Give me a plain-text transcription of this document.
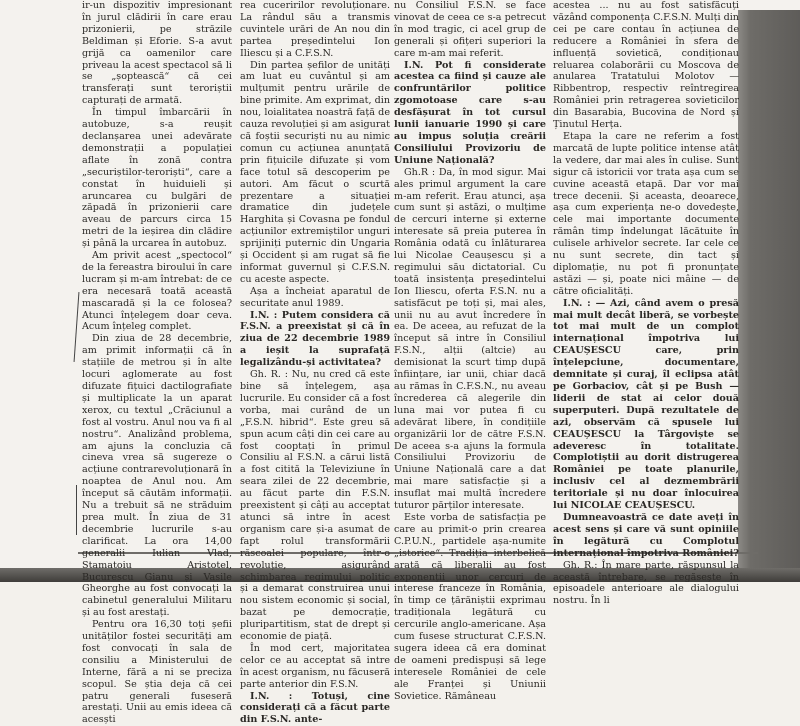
ir-un dispozitiv impresionant în jurul clădirii în care erau prizonierii, pe străzile Beldiman și Eforie. S-a avut grijă ca oamenilor care priveau la acest spectacol să li se „șoptească“ că cei transferați sunt teroriștii capturați de armată.

În timpul îmbarcării în autobuze, s-a reușit declanșarea unei adevărate demonstrații a populației aflate în zonă contra „securiștilor-teroriști“, care a constat în huiduieli și aruncarea cu bulgări de zăpadă în prizonierii care aveau de parcurs circa 15 metri de la ieșirea din clădire și până la urcarea în autobuz.

Am privit acest „spectocol“ de la fereastra biroului în care lucram și m-am întrebat: de ce era necesară toată această mascaradă și la ce folosea? Atunci înțelegem doar ceva. Acum înțeleg complet.

Din ziua de 28 decembrie, am primit informații că în stațiile de metrou și în alte locuri aglomerate au fost difuzate fițuici dactilografiate și multiplicate la un aparat xerox, cu textul „Crăciunul a fost al vostru. Anul nou va fi al nostru“. Analizând problema, am ajuns la concluzia că cineva vrea să sugereze o acțiune contrarevoluționară în noaptea de Anul nou. Am început să căutăm informații. Nu a trebuit să ne străduim prea mult. În ziua de 31 decembrie lucrurile s-au clarificat. La ora 14,00 generalii Iulian Vlad, Stamatoiu Aristotel, Bucurescu Gianu și Vasile Gheorghe au fost convocați la cabinetul generalului Militaru și au fost arestați.

Pentru ora 16,30 toți șefii unităților fostei securități am fost convocați în sala de consiliu a Ministerului de Interne, fără a ni se preciza scopul. Se știa deja că cei patru generali fuseseră arestați. Unii au emis ideea că acesști

rea cuceririlor revoluționare. La rândul său a transmis cuvintele urări de An nou din partea președintelui Ion Iliescu și a C.F.S.N.

Din partea șefilor de unități am luat eu cuvântul și am mulțumit pentru urările de bine primite. Am exprimat, din nou, loialitatea noastră față de cauza revoluției și am asigurat că foștii securiști nu au nimic comun cu acțiunea anunțată prin fițuicile difuzate și vom face totul să descoperim pe autori. Am făcut o scurtă prezentare a situației dramatice din județele Harghita și Covasna pe fondul acțiunilor extremiștilor unguri sprijiniți puternic din Ungaria și Occident și am rugat să fie informat guvernul și C.F.S.N. cu aceste aspecte.

Așa a încheiat aparatul de securitate anul 1989.

I.N. : Putem considera că F.S.N. a preexistat și că în ziua de 22 decembrie 1989 a ieșit la suprafață legalizându-și activitatea?

Gh. R. : Nu, nu cred că este bine să înțelegem, așa lucrurile. Eu consider că a fost vorba, mai curând de un „F.S.N. hibrid“. Este greu să spun acum câți din cei care au fost cooptați în primul Consiliu al F.S.N. a cărui listă a fost citită la Televiziune în seara zilei de 22 decembrie, au făcut parte din F.S.N. preexistent și câți au acceptat atunci să intre în acest organism care și-a asumat de fapt rolul transformării răscoalei populare, într-o revoluție, asigurând schimbarea regimului politic și a demarat construirea unui nou sistem economic și social, bazat pe democrație, pluripartitism, stat de drept și economie de piață.

În mod cert, majoritatea celor ce au acceptat să intre în acest organism, nu făcuseră parte anterior din F.S.N.

I.N. : Totuși, cine considerați că a făcut parte din F.S.N. ante-

nu Consiliul F.S.N. se face vinovat de ceea ce s-a petrecut în mod tragic, ci acel grup de generali și ofițeri superiori la care m-am mai referit.

I.N. Pot fi considerate acestea ca fiind și cauze ale confruntărilor politice zgomotoase care s-au desfășurat în tot cursul lunii ianuarie 1990 și care au impus soluția creării Consiliului Provizoriu de Uniune Națională?

Gh.R : Da, în mod sigur. Mai ales primul argument la care m-am referit. Erau atunci, așa cum sunt și astăzi, o mulțime de cercuri interne și externe interesate să preia puterea în România odată cu înlăturarea lui Nicolae Ceaușescu și a regimului său dictatorial. Cu toată insistența președintelui Ion Iliescu, oferta F.S.N. nu a satisfăcut pe toți și, mai ales, unii nu au avut încredere în ea. De aceea, au refuzat de la început să intre în Consiliul F.S.N., alții (altcie) au demisionat la scurt timp după înființare, iar unii, chiar dacă au rămas în C.F.S.N., nu aveau încrederea că alegerile din luna mai vor putea fi cu adevărat libere, în condițiile organizării lor de către F.S.N. De aceea s-a ajuns la formula Consiliului Provizoriu de Uniune Națională care a dat mai mare satisfacție și a insuflat mai multă încredere tuturor părților interesate.

Este vorba de satisfacția pe care au primit-o prin crearea C.P.U.N., partidele așa-numite „istorice“. Tradiția interbelică arată că liberalii au fost exponenții unor cercuri de interese franceze în România, în timp ce țărăniștii exprimau tradiționala legătură cu cercurile anglo-americane. Așa cum fusese structurat C.F.S.N. sugera ideea că era dominat de oameni predispuși să lege interesele României de cele ale Franței și Uniunii Sovietice. Rămâneau

acestea ... nu au fost satisfăcuți văzând componența C.F.S.N. Mulți din cei pe care contau în acțiunea de reducere a României în sfera de influență sovietică, condiționau reluarea colaborării cu Moscova de anularea Tratatului Molotov — Ribbentrop, respectiv reîntregirea României prin retragerea sovieticilor din Basarabia, Bucovina de Nord și Ținutul Herța.

Etapa la care ne referim a fost marcată de lupte politice intense atât la vedere, dar mai ales în culise. Sunt sigur că istoricii vor trata așa cum se cuvine această etapă. Dar vor mai trece decenii. Și aceasta, deoarece, așa cum experiența ne-o dovedește, cele mai importante documente rămân timp îndelungat lăcătuite în culisele arhivelor secrete. Iar cele ce nu sunt secrete, din tact și diplomație, nu pot fi pronunțate astăzi — și, poate nici mâine — de către oficialități.

I.N. : — Azi, când avem o presă mai mult decât liberă, se vorbește tot mai mult de un complot internațional împotriva lui CEAUȘESCU care, prin înțelepciune, documentare, demnitate și curaj, îl eclipsa atât pe Gorbaciov, cât și pe Bush — liderii de stat ai celor două superputeri. După rezultatele de azi, observăm că spusele lui CEAUȘESCU la Târgoviște se adeveresc în totalitate. Complotiștii au dorit distrugerea României pe toate planurile, inclusiv cel al dezmembrării teritoriale și nu doar înlocuirea lui NICOLAE CEAUȘESCU.

Dumneavoastră ce date aveți în acest sens și care vă sunt opiniile în legătură cu Complotul internațional împotriva României?

Gh. R.: În mare parte, răspunsul la această întrebare, se regăsește în episoadele anterioare ale dialogului nostru. În li
